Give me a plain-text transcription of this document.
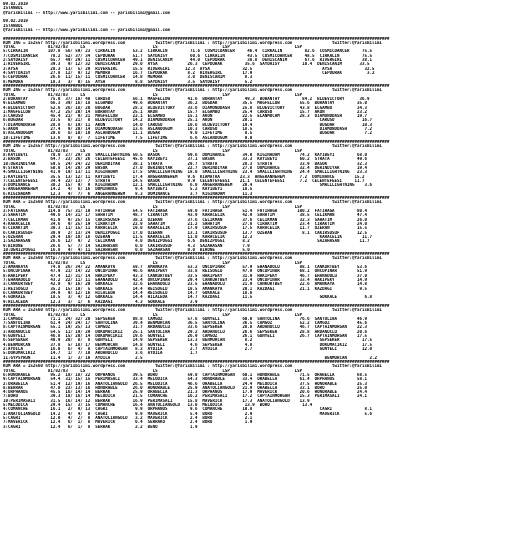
09.02.2019
ISTANBUL
@YarisBilimi -- http://www.yarisbilimi.com -- yarisbilimi@gmail.com
09.02.2019
ISTANBUL
@YarisBilimi -- http://www.yarisbilimi.com -- yarisbilimi@gmail.com
###########################################################################################################################################################
KUM ING = 152557 http://yarisbilimi.wordpress.com            twitter:@YarisBilimi : http://yarisbilimi.wordpress.com                twitter:@YarisBilimi
TOTAL             81/82/83     LS                           LS                          LSP                          LSP
5:CIRKALIN        107.8  56/ 59/ 23  CIRKALIN       53.2  CIRKALIN         71.6  COSMICDANCER     46.4  CIRKALIN         82.6  COSMICDANCER     75.5
7:COSMICDANCER     78.2  52/ 37/ 34  CEPDURAK       51.7  SAYDAISY         60.6  CIRKALIN         43.5  COSMICDANCER     48.5  CIRKALIN         75.5
2:SAYDAISY         65.7  49/ 29/ 11  COSMICDANCER   49.1  DENISCANIM       44.0  CEPDURAK         38.8  DENISCANIM       67.6  RIVERGIRL        38.1
1:RIVERGIRL        39.3   9/ 12/ 32  DENISCANIM     29.0  AYSA            26.3  CEPDURAK         35.6  SAYDAISY         10.4  DENISCANIM       33.5
3:AYSA             28.3  13/  5/ 29  RIVERGIRL      15.5  RIVERGIRL      12.3  AYSA             32.5                            AYSA             32.5
4:SAYTDAISY        27.8  12/  9/ 12  MEMORA         16.7  CEPDURAK        8.2  RIVERGIRL        17.9                            CEPDURAK          3.2
6:CEPDURAK         26.6  11/ 15/ 11  COSMICDANCER   14.8  MEMORA          3.0  DENISCANIM        8.3
8:MEMORA           18.3   3/  0/ 15  AYSA            8.8  SAYDAISY        3.5  SAYDAISY          5.2
###########################################################################################################################################################
KUM ING = 152557 http://yarisbilimi.wordpress.com            twitter:@YarisBilimi : http://yarisbilimi.wordpress.com                twitter:@YarisBilimi
TOTAL             81/82/83     LS                           LS                          LSP                          LSP
2:BORANTAY         75.0  37/ 18/ 40  CARUSO         56.1  MAGFELLOW       41.6  BORANTAY         49.3  BORANTAY         84.2  BLUEVICTORY      36.9
9:ELGAMBO          66.3  39/ 16/ 18  ELGAMBO        49.6  BORANTAY        36.2  BUGDAR          35.5  MAGFELLOW        55.6  BORANTAY         35.0
4:BLUEVICTORY      52.6  26/ 18/ 20  BUGDAR         28.2  BLUEVICTORY     33.6  DIAMONDDASH     25.8  BLUEVICTORY      43.8  ELGAMBO          34.3
1:MAGFELLOW        47.2  25/ 20/ 14  BORANTAY       25.1  AKON            15.7  ELGAMBO         25.4  CARUSO           15.7  AKON             23.2
3:CARUSO           45.4  21/  9/ 21  MAGFELLOW      22.1  ELGAMBO         15.1  AKON            22.5  ELANMOCAM        28.3  DIAMONDDASH      19.7
6:BUGDAR           23.5   8/ 21/  8  BLUEVICTORY    14.2  DIAMONDDASH     25.1  AKON            20.1                           CARUSO           16.7
7:DIAMONDDASH      28.8   6/ 19/ 11  AKON           14.0  CARUSO          10.6  BLUEVICTORY     19.4                           BUGDAR           10.3
5:AKON             27.4   9/ 20/ 14  DIAMONDDASH    13.6  ASLANDOGUM      10.3  CARUSO          18.5                           DIAMONDDASH       7.2
8:ASLANDOGUM       20.6   6/ 10/ 10  ASLANDOGUM     11.1  BUGAR            9.0  LIFETIME         8.5                           BUGDAR            7.2
10:LIFETIME        13.6   0/  8/  7  LIFETIME        7.5  LIFETIME         6.6  ASLANDOGUM       0.0
###########################################################################################################################################################
KUM ING = 152557 http://yarisbilimi.wordpress.com            twitter:@YarisBilimi : http://yarisbilimi.wordpress.com                twitter:@YarisBilimi
TOTAL             81/82/83     LS                           LS                          LSP                          LSP
8:KAYIBEYI         70.0  27/ 29/ 28  SMALLLIGHTNING 50.5  BASOK           69.6  DOMINANCE       34.0  KIGINADAM        74.2  KAYIBEYI         68.0
2:BASOK            64.7  23/ 26/ 26  CELENTEFEESI   45.6  KAYIBEYI        37.1  BASOK           33.3  KAYIBEYI         60.2  STRATA           49.6
10:DERINDIYAR      59.5  24/ 24/ 22  DERINDIYAR     38.1  STRATA          29.7  STRATA          28.3  STRATA           33.9  BASOK            32.3
9:STRATA           50.0  14/ 20/ 29  BASOK          27.0  DERINDIYAR      22.7  DERINDIYAR      27.8  DOMINANCE        32.4  DERINDIYAR       19.4
4:SMALLLIGHTNING   41.9  19/ 13/ 11  KIGINADAM      17.5  SMALLLIGHTNING  18.0  SMALLLIGHTNING  23.4  SMALLLIGHTNING   24.4  SMALLLIGHTNING   23.3
1:KAYIBEYI         35.5  13/ 12/ 11  KAYIBEYI       17.4  ANGERANNEHEM    9.6  KIAMATRA        23.3  ANGERANNEHEM      7.2  DOMINANCE        15.2
7:CELENTEFEESI     34.4  22/ 13/  7  STRATA         14.5  BASOK           9.9  CELENTEFEESI    21.1  CELENTEFEESI      7.2  CELENTEFEESI     11.7
3:DOMINANCE        30.2  15/  9/  9  KIGINADAM      12.1  SMALLLIGHTNING   6.0  ANGERANNEHEM    20.4                           SMALLLIGHTNING    3.6
5:ANGERANNEHEM     14.2   4/  6/ 16  DOMINANCE       9.4  KAYIBEYI         5.2  KAYIBEYI        18.5
6:KIGINADAM        12.3   4/  7/  6  ANGERANNEHEM    8.3  DOMINANCE        3.7  KIGINADAM       11.3
###########################################################################################################################################################
KUM ARA = 152560 http://yarisbilimi.wordpress.com            twitter:@YarisBilimi : http://yarisbilimi.wordpress.com                twitter:@YarisBilimi
TOTAL             81/82/83     LS                           LS                          LSP                          LSP
3:FATIHAGA        114.0  75/ 31/ 10  FATIHAGA       54.5  FATIHAGA        59.0  FATIHAGA        51.4  FATIHAGA        100.2  FATIHAGA         80.4
2:SAHATIM          49.6  14/ 21/ 17  SAHATIM        48.7  CIRAKTIM        43.9  KARACELIK       42.9  SAHATIM          38.5  CELIKMAN         47.4
7:CELIKMAN         41.0   9/ 25/ 15  CAKIRSUSUF     38.2  OZERAN          37.6  CELIKMAN        37.6  CELIKMAN         32.3  SAHATIM          26.0
4:KARACELIK        34.6   9/ 25/ 19  CIRAKTIM       22.9  SAHATIM         21.2  SAHATIM         27.8  CIRAKTIM         23.4  CIRAKTIM         24.0
8:CIRAKTIM         30.3  11/ 15/ 11  KARACELIK      19.0  KARACELIK       17.9  CAKIRSUSUF      17.5  KARACELIK        11.7  OZERAN           15.5
6:CAKIRSUSUF       30.9   2/ 13/ 24  DENIZPOGGI     17.0  OZERAN          13.1  CAKIRSUSUF      13.7  OZERAN            8.1  CAKIRSUSUF       12.5
5:OZERAN           29.4  10/ 10/ 18  OZERAN         11.5  KARACELIK       11.0  KARACELIK       12.3                           KARACELIK        11.7
1:SAZAHASAN        26.6  12/  9/  2  CELIKMAN        4.0  DENIZPOGGI      6.6  DENIZPOGGI       8.2                           SAZAHASAN        11.7
9:BIRONE           26.6   5/  7/ 14  SAZAHASAN       0.0  CAKIRSUSUF      4.3  SAZAHASAN        7.9
10:DENIZPOGGI      16.8   4/  4/ 11  SAZAHASAN       0.0  SAZAHASAN       0.0  BIRONE           5.0
###########################################################################################################################################################
KUM ARA = 152560 http://yarisbilimi.wordpress.com            twitter:@YarisBilimi : http://yarisbilimi.wordpress.com                twitter:@YarisBilimi
TOTAL             81/82/83     LS                           LS                          LSP                          LSP
2:AMANKAYA         74.8  26/ 34/ 22  AMANKAYA       59.7  AMANKAYA        53.2  ONCUPINAR       57.9  EHANADOLU        88.1  CANKURTBEY       53.6
5:ONCUPINAR        47.9  21/ 14/ 22  ONCUPINAR      46.6  HAKIPEKY        33.8  REISOGLU        47.9  ONCUPINAR        68.1  ONCUPINAR        51.9
8:HAKIPEKY         47.4  12/ 31/ 14  HAKIPEKY       43.3  CANKURTBEY      33.5  HAKIPEKY        31.9  HAKIPEKY         46.7  EHANADOLU        37.0
7:EHANADOLU        43.2  22/ 11/ 11  EHANADOLU      42.4  ONCUPINAR       29.4  CANKURTBEY      23.4  ONCUPINAR        33.4  HAKIPEKY         14.9
3:CANKURTBEY       42.0   9/ 16/ 20  GOKKALE        32.6  EHANADOLU       23.5  EHANADOLU       21.9  CANKURTBEY       22.6  AMANKAYA         14.8
1:REISOGLU         35.2  15/ 10/  5  GOKKALE        14.4  REISOGLU        18.5  AMANKAYA        20.1  KAZDAGI          21.1  KAZDAGI           9.5
6:CANKURTBEY       34.9   9/ 12/ 16  HILALEDA       14.4  REISOGLU        14.7  GOKKALE         18.6
4:GOKKALE          18.5   3/  4/ 12  GOKKALE        14.4  HILALEDA        14.7  KAZDAGI         11.5                           GOKKALE           6.8
9:HILALEDA         12.3   3/  1/  6  KAZDAGI         4.3  GOKKALE          3.9
###########################################################################################################################################################
KUM ARA = 152560 http://yarisbilimi.wordpress.com            twitter:@YarisBilimi : http://yarisbilimi.wordpress.com                twitter:@YarisBilimi
TOTAL             81/82/83     LS                           LS                          LSP                          LSP
1:CAMGOZ           71.1  24/ 32/ 20  SEPSEKER       88.8  CAMGOZ          57.6  GUNYELI         60.0  SANTOLINA        76.6  SANTOLINA        46.9
7:SANTOLINA        61.4  24/ 24/ 17  SANTOLINA      39.4  BENMURCAN       36.5  SANTOLINA       36.5  CAMGOZ           52.2  CAMGOZ           45.6
8:CAPTAINMORGAN    55.1  19/ 25/ 13  CAMGOZ         31.7  ARDANUCLU       33.6  SEPSEKER        28.8  ARDANUCLU        46.7  CAPTAINMORGAN    22.3
3:ARDANUCLU        54.5  11/ 19/ 29  DOKUMACIKIZ    25.1  SANTOLINA       29.2  ARDANUCLU       26.6  SEPSEKER         28.8  ARDANUCLU        20.6
9:GUNYELI          46.8  15/ 20/ 14  DOKUMACIKIZ    19.6  GUNYELI         26.9  CAMGOZ          26.1  GUNYELI          26.7  CAPTAINMORGAN    17.5
6:SEPSEKER         40.9  20/  8/  8  GUNYELI        14.9  SEPSEKER        13.3  BENMURCAN        8.2                           SEPSEKER         17.5
4:BENMURCAN        37.8   5/ 18/ 17  BENMURCAN      14.8  GUNYELI          4.6  SEPSEKER         4.8                           DOKUMACIKIZ      17.5
2:AYDILA           16.0   6/  4/  8  CAPTAINMORGAN   8.3  AYDILA           2.7  AYDILA           2.7                           GUNYELI          12.0
5:DOKUMACIKIZ      14.7   1/  7/ 10  ARDANUCLU       3.6  AYDILA           1.7
11:GYPSYRUN        11.4   1/  3/ 10  AYDILA          2.5                                                                         BENMURCAN         2.2
###########################################################################################################################################################
KUM ARA = 152560 http://yarisbilimi.wordpress.com            twitter:@YarisBilimi : http://yarisbilimi.wordpress.com                twitter:@YarisBilimi
TOTAL             81/82/83     LS                           LS                          LSP                          LSP
6:HONORABLE        95.2  18/ 18/ 22  ORPHANOS       39.5  BORO            59.0  CAPTAINMORGAN   60.1  HONORABLE        71.5  ORABELLA         68.5
9:CAPTAINMORGAN    54.4  31/ 15/ 15  PERIMASALI     33.4  MELODICA        54.3  HONORABLE       33.4  ORABELLA         61.4  ORPHANOS         58.1
2:ORABELLA         51.4  12/ 19/ 16  ANATOLIANGOLD  26.5  MELODICA        46.6  ORABELLA        24.4  MELODICA         37.5  HONORABLE        25.3
8:BERRAK           47.0  23/ 13/ 16  HONORABLE      26.0  HONORABLE       25.9  ANATOLIANGOLD   21.9  ORABELLA         33.1  BORO             25.0
4:ORPHANOS         45.5  16/ 14/ 14  BERRAK         25.9  ORABELLA        21.3  ORPHANOS        17.9  MAVERICK         20.6  HONORABLE        24.4
7:BORO             39.3  18/ 16/ 14  MELODICA       21.5  COMANCHE        16.2  PERIMASALI      17.2  CAPTAINMORGAN    15.3  PERIMASALI       24.1
10:PERIMASALI      31.5  16/ 14/ 12  BERRAK         16.9  PERIMASALI      15.8  MAVERICK        17.3  ANATOLIANGOLD    13.9
5:MELODICA         29.4  15/  3/ 15  COMANCHE       16.4  ANATOLIANGOLD   13.0  MELODICA         13.9  BORO             13.4
4:COMANCHE         16.1   2/  9/ 13  CAGRI           9.9  ORPHANOS         9.6  COMANCHE        10.8                           CAGRI             8.1
1:ANATOLIANGOLD    14.2   4/  4/  8  CAGRI           9.9  MAVERICK         5.4  BORO             2.9                           MAVERICK          5.6
5:CAGRI            12.0   4/  2/  8  ANATOLIANGOLD   3.2  MAVERICK         2.4  BORO             2.1
7:MAVERICK         12.4   6/  1/  8  MAVERICK        0.4  SERRAKO          2.4  BORO             1.9
3:CAGRI            12.4   6/  1/  8  SERRAK          2.2  BENO             1.9
